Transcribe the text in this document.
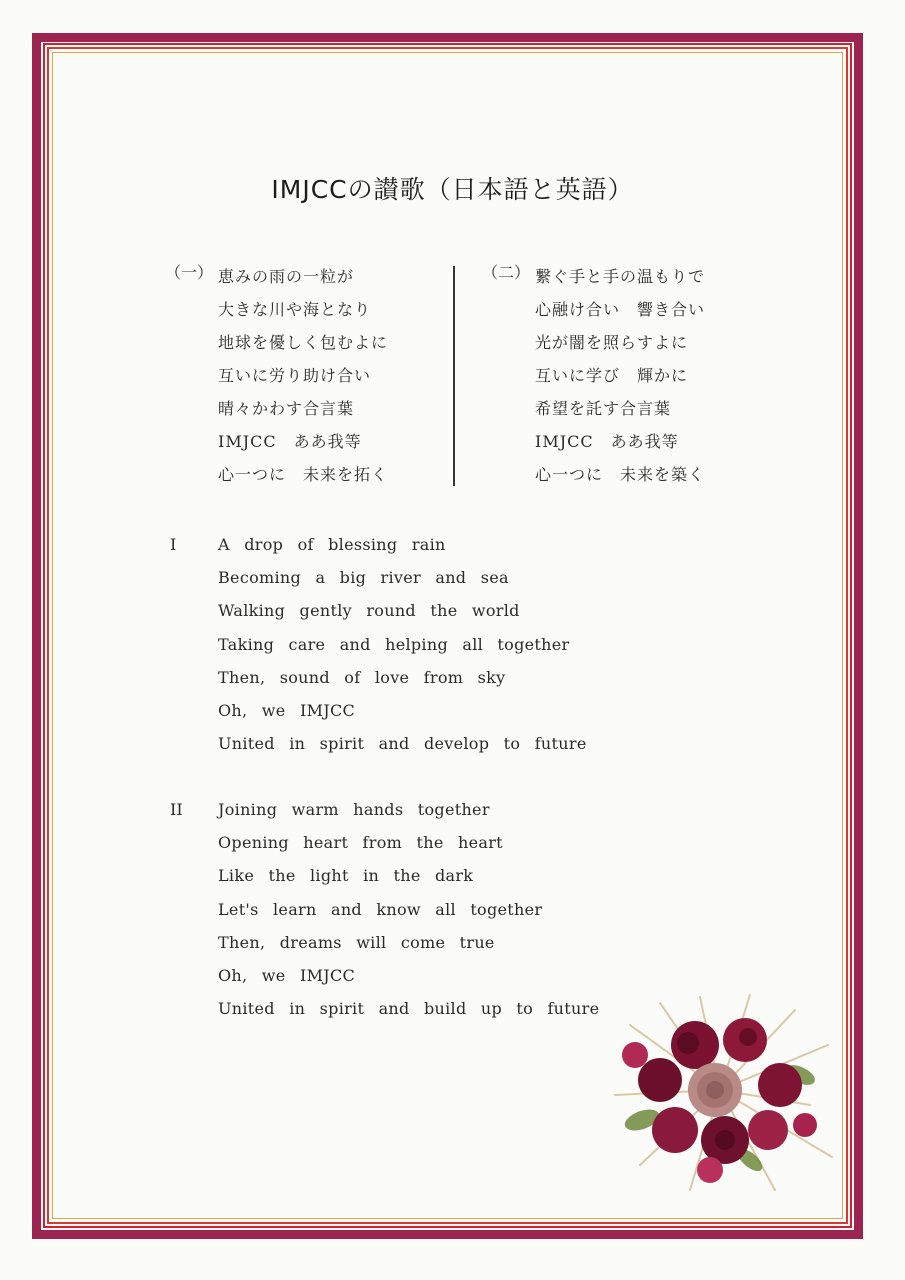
IMJCCの讃歌（日本語と英語）
（一） 恵みの雨の一粒が
大きな川や海となり
地球を優しく包むよに
互いに労り助け合い
晴々かわす合言葉
IMJCC　ああ我等
心一つに　未来を拓く
（二） 繋ぐ手と手の温もりで
心融け合い　響き合い
光が闇を照らすよに
互いに学び　輝かに
希望を託す合言葉
IMJCC　ああ我等
心一つに　未来を築く
I	A drop of blessing rain
Becoming a big river and sea
Walking gently round the world
Taking care and helping all together
Then, sound of love from sky
Oh, we IMJCC
United in spirit and develop to future
II Joining warm hands together
Opening heart from the heart
Like the light in the dark
Let's learn and know all together
Then, dreams will come true
Oh, we IMJCC
United in spirit and build up to future
